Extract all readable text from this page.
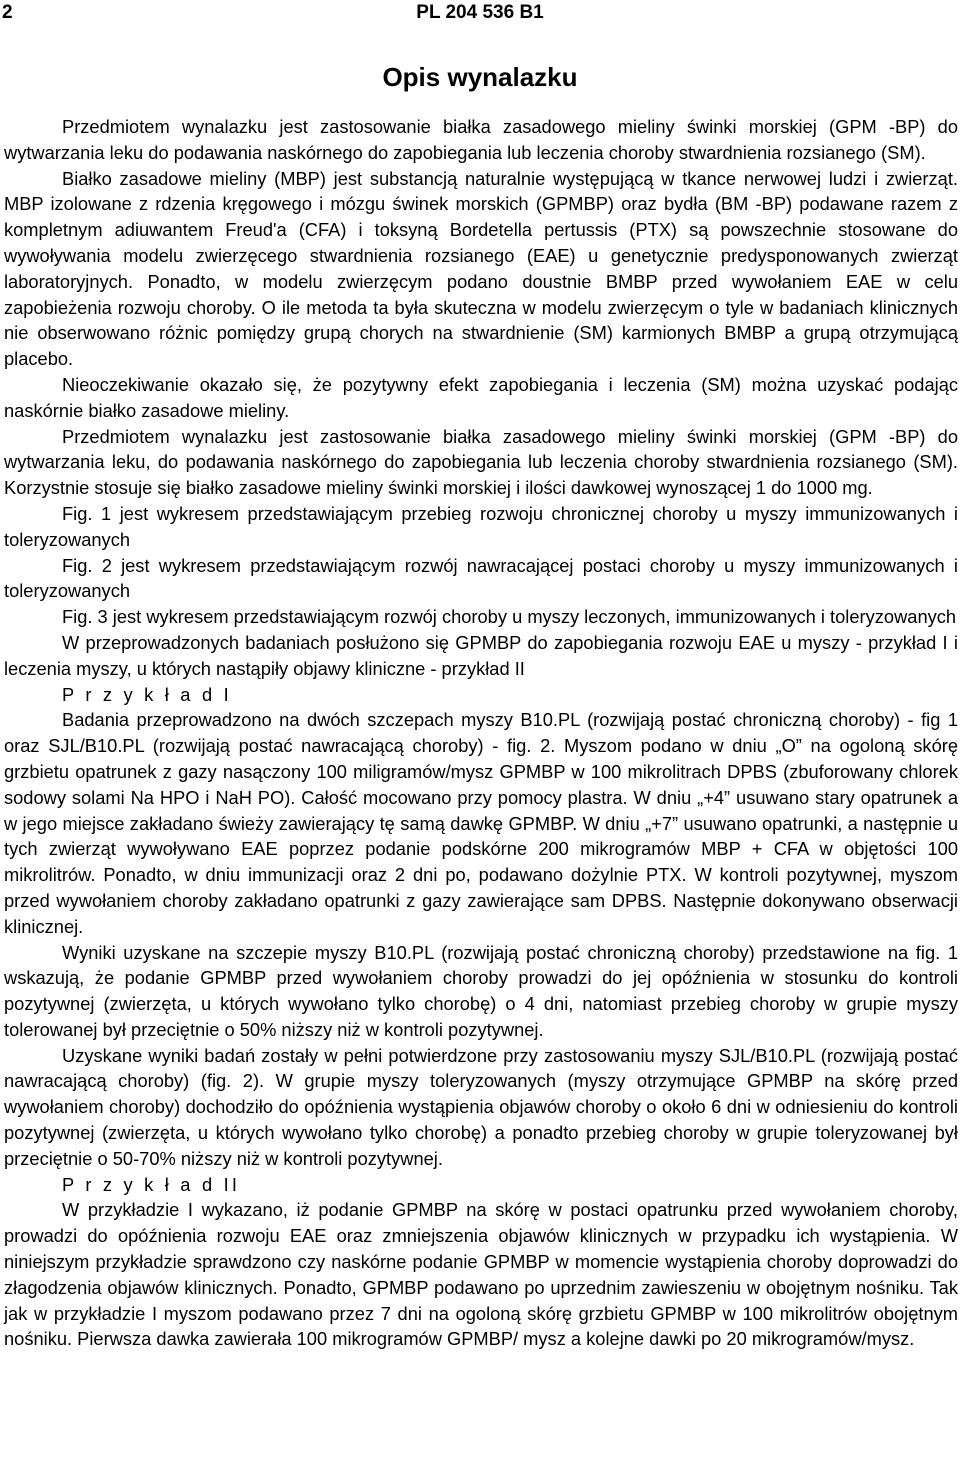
2	PL 204 536 B1
Opis wynalazku

Przedmiotem wynalazku jest zastosowanie białka zasadowego mieliny świnki morskiej (GPM -BP) do wytwarzania leku do podawania naskórnego do zapobiegania lub leczenia choroby stwardnienia rozsianego (SM).

Białko zasadowe mieliny (MBP) jest substancją naturalnie występującą w tkance nerwowej ludzi i zwierząt. MBP izolowane z rdzenia kręgowego i mózgu świnek morskich (GPMBP) oraz bydła (BM -BP) podawane razem z kompletnym adiuwantem Freud'a (CFA) i toksyną Bordetella pertussis (PTX) są powszechnie stosowane do wywoływania modelu zwierzęcego stwardnienia rozsianego (EAE) u genetycznie predysponowanych zwierząt laboratoryjnych. Ponadto, w modelu zwierzęcym podano doustnie BMBP przed wywołaniem EAE w celu zapobieżenia rozwoju choroby. O ile metoda ta była skuteczna w modelu zwierzęcym o tyle w badaniach klinicznych nie obserwowano różnic pomiędzy grupą chorych na stwardnienie (SM) karmionych BMBP a grupą otrzymującą placebo.

Nieoczekiwanie okazało się, że pozytywny efekt zapobiegania i leczenia (SM) można uzyskać podając naskórnie białko zasadowe mieliny.

Przedmiotem wynalazku jest zastosowanie białka zasadowego mieliny świnki morskiej (GPM -BP) do wytwarzania leku, do podawania naskórnego do zapobiegania lub leczenia choroby stwardnienia rozsianego (SM). Korzystnie stosuje się białko zasadowe mieliny świnki morskiej i ilości dawkowej wynoszącej 1 do 1000 mg.

Fig. 1 jest wykresem przedstawiającym przebieg rozwoju chronicznej choroby u myszy immunizowanych i toleryzowanych

Fig. 2 jest wykresem przedstawiającym rozwój nawracającej postaci choroby u myszy immunizowanych i toleryzowanych

Fig. 3 jest wykresem przedstawiającym rozwój choroby u myszy leczonych, immunizowanych i toleryzowanych

W przeprowadzonych badaniach posłużono się GPMBP do zapobiegania rozwoju EAE u myszy - przykład I i leczenia myszy, u których nastąpiły objawy kliniczne - przykład II

P r z y k ł a d I

Badania przeprowadzono na dwóch szczepach myszy B10.PL (rozwijają postać chroniczną choroby) - fig 1 oraz SJL/B10.PL (rozwijają postać nawracającą choroby) - fig. 2. Myszom podano w dniu „O” na ogoloną skórę grzbietu opatrunek z gazy nasączony 100 miligramów/mysz GPMBP w 100 mikrolitrach DPBS (zbuforowany chlorek sodowy solami Na HPO i NaH PO). Całość mocowano przy pomocy plastra. W dniu „+4” usuwano stary opatrunek a w jego miejsce zakładano świeży zawierający tę samą dawkę GPMBP. W dniu „+7” usuwano opatrunki, a następnie u tych zwierząt wywoływano EAE poprzez podanie podskórne 200 mikrogramów MBP + CFA w objętości 100 mikrolitrów. Ponadto, w dniu immunizacji oraz 2 dni po, podawano dożylnie PTX. W kontroli pozytywnej, myszom przed wywołaniem choroby zakładano opatrunki z gazy zawierające sam DPBS. Następnie dokonywano obserwacji klinicznej.

Wyniki uzyskane na szczepie myszy B10.PL (rozwijają postać chroniczną choroby) przedstawione na fig. 1 wskazują, że podanie GPMBP przed wywołaniem choroby prowadzi do jej opóźnienia w stosunku do kontroli pozytywnej (zwierzęta, u których wywołano tylko chorobę) o 4 dni, natomiast przebieg choroby w grupie myszy tolerowanej był przeciętnie o 50% niższy niż w kontroli pozytywnej.

Uzyskane wyniki badań zostały w pełni potwierdzone przy zastosowaniu myszy SJL/B10.PL (rozwijają postać nawracającą choroby) (fig. 2). W grupie myszy toleryzowanych (myszy otrzymujące GPMBP na skórę przed wywołaniem choroby) dochodziło do opóźnienia wystąpienia objawów choroby o około 6 dni w odniesieniu do kontroli pozytywnej (zwierzęta, u których wywołano tylko chorobę) a ponadto przebieg choroby w grupie toleryzowanej był przeciętnie o 50-70% niższy niż w kontroli pozytywnej.

P r z y k ł a d II

W przykładzie I wykazano, iż podanie GPMBP na skórę w postaci opatrunku przed wywołaniem choroby, prowadzi do opóźnienia rozwoju EAE oraz zmniejszenia objawów klinicznych w przypadku ich wystąpienia. W niniejszym przykładzie sprawdzono czy naskórne podanie GPMBP w momencie wystąpienia choroby doprowadzi do złagodzenia objawów klinicznych. Ponadto, GPMBP podawano po uprzednim zawieszeniu w obojętnym nośniku. Tak jak w przykładzie I myszom podawano przez 7 dni na ogoloną skórę grzbietu GPMBP w 100 mikrolitrów obojętnym nośniku. Pierwsza dawka zawierała 100 mikrogramów GPMBP/ mysz a kolejne dawki po 20 mikrogramów/mysz.
